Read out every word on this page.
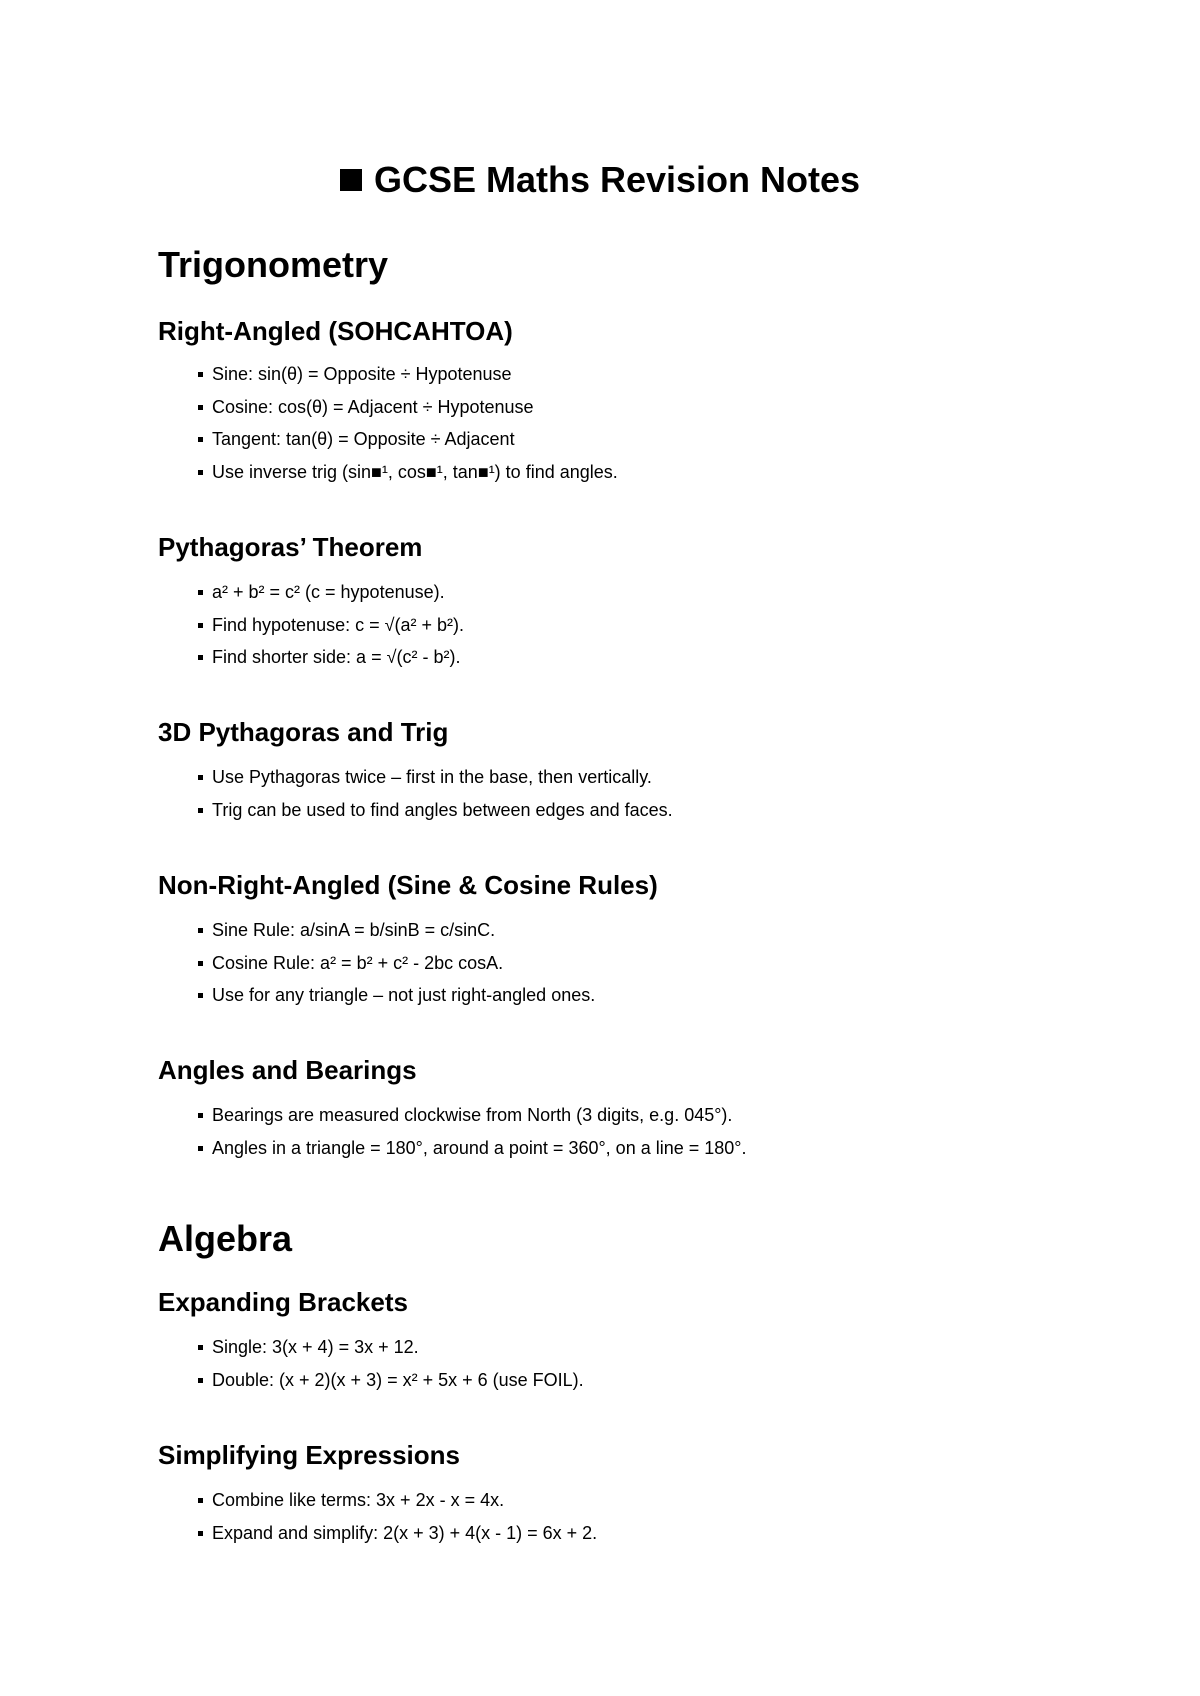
GCSE Maths Revision Notes
Trigonometry
Right-Angled (SOHCAHTOA)
Sine: sin(θ) = Opposite ÷ Hypotenuse
Cosine: cos(θ) = Adjacent ÷ Hypotenuse
Tangent: tan(θ) = Opposite ÷ Adjacent
Use inverse trig (sin■¹, cos■¹, tan■¹) to find angles.
Pythagoras’ Theorem
a² + b² = c² (c = hypotenuse).
Find hypotenuse: c = √(a² + b²).
Find shorter side: a = √(c² - b²).
3D Pythagoras and Trig
Use Pythagoras twice – first in the base, then vertically.
Trig can be used to find angles between edges and faces.
Non-Right-Angled (Sine & Cosine Rules)
Sine Rule: a/sinA = b/sinB = c/sinC.
Cosine Rule: a² = b² + c² - 2bc cosA.
Use for any triangle – not just right-angled ones.
Angles and Bearings
Bearings are measured clockwise from North (3 digits, e.g. 045°).
Angles in a triangle = 180°, around a point = 360°, on a line = 180°.
Algebra
Expanding Brackets
Single: 3(x + 4) = 3x + 12.
Double: (x + 2)(x + 3) = x² + 5x + 6 (use FOIL).
Simplifying Expressions
Combine like terms: 3x + 2x - x = 4x.
Expand and simplify: 2(x + 3) + 4(x - 1) = 6x + 2.
